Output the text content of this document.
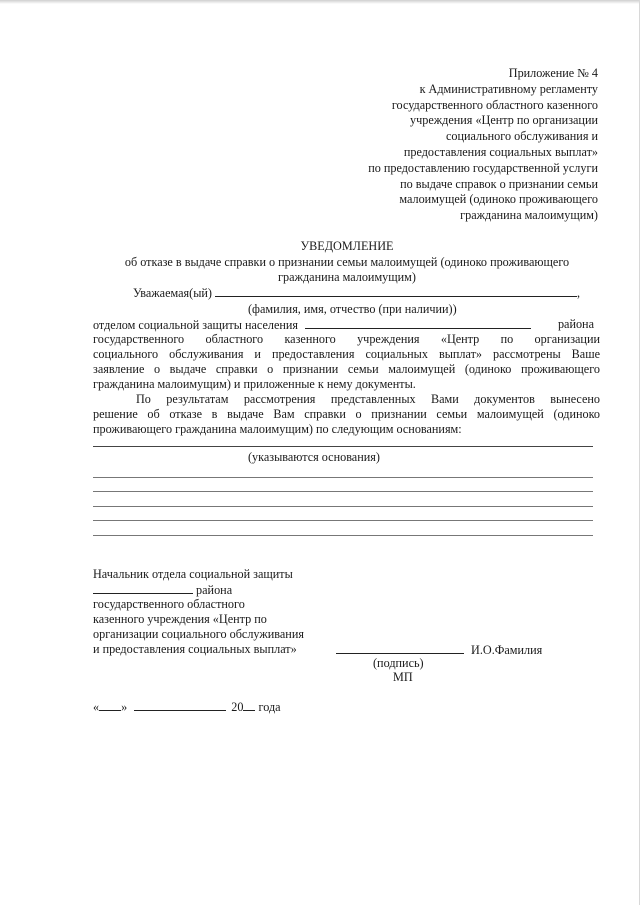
Приложение № 4
к Административному регламенту
государственного областного казенного
учреждения «Центр по организации
социального обслуживания и
предоставления социальных выплат»
по предоставлению государственной услуги
по выдаче справок о признании семьи
малоимущей (одиноко проживающего
гражданина малоимущим)
УВЕДОМЛЕНИЕ
об отказе в выдаче справки о признании семьи малоимущей (одиноко проживающего
гражданина малоимущим)
Уважаемая(ый)	,
(фамилия, имя, отчество (при наличии))
отделом социальной защиты населения	района
государственного областного казенного учреждения «Центр по организации
социального обслуживания и предоставления социальных выплат» рассмотрены Ваше
заявление о выдаче справки о признании семьи малоимущей (одиноко проживающего
гражданина малоимущим) и приложенные к нему документы.
По результатам рассмотрения представленных Вами документов вынесено
решение об отказе в выдаче Вам справки о признании семьи малоимущей (одиноко
проживающего гражданина малоимущим) по следующим основаниям:
(указываются основания)
Начальник отдела социальной защиты
района
государственного областного
казенного учреждения «Центр по
организации социального обслуживания
и предоставления социальных выплат»	И.О.Фамилия
(подпись)
МП
« »	20 года
